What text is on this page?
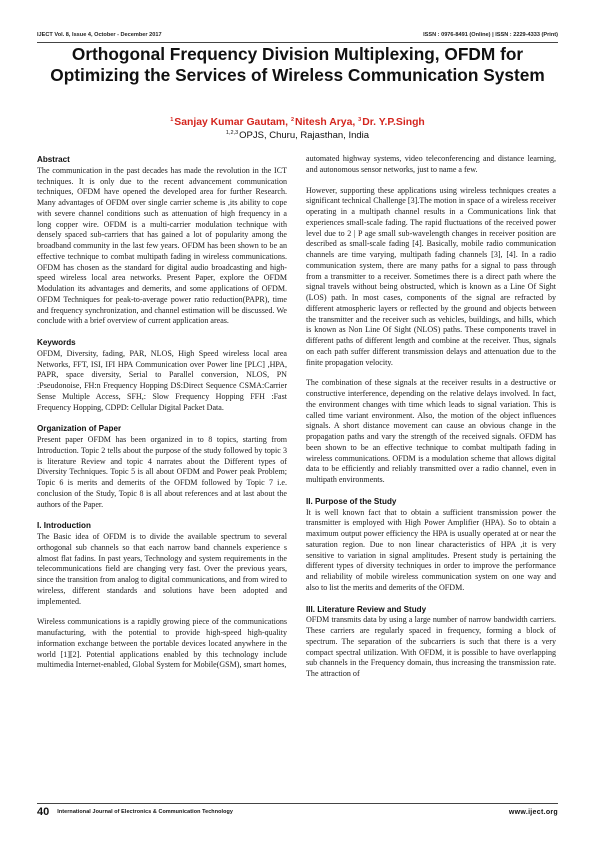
IJECT Vol. 8, Issue 4, October - December 2017	ISSN : 0976-8491 (Online) | ISSN : 2229-4333 (Print)
Orthogonal Frequency Division Multiplexing, OFDM for Optimizing the Services of Wireless Communication System
$^1$Sanjay Kumar Gautam, $^2$Nitesh Arya, $^3$Dr. Y.P.Singh
$^{1,2,3}$OPJS, Churu, Rajasthan, India
Abstract

The communication in the past decades has made the revolution in the ICT techniques. It is only due to the recent advancement communication techniques, OFDM have opened the developed area for further Research. Many advantages of OFDM over single carrier scheme is ,its ability to cope with severe channel conditions such as attenuation of high frequency in a long copper wire. OFDM is a multi-carrier modulation technique with densely spaced sub-carriers that has gained a lot of popularity among the broadband community in the last few years. OFDM has been shown to be an effective technique to combat multipath fading in wireless communications. OFDM has chosen as the standard for digital audio broadcasting and high-speed wireless local area networks. Present Paper, explore the OFDM Modulation its advantages and demerits, and some applications of OFDM. OFDM Techniques for peak-to-average power ratio reduction(PAPR), time and frequency synchronization, and channel estimation will be discussed. We conclude with a brief overview of current application areas.

Keywords

OFDM, Diversity, fading, PAR, NLOS, High Speed wireless local area Networks, FFT, ISI, IFI HPA Communication over Power line [PLC] ,HPA, PAPR, space diversity, Serial to Parallel conversion, NLOS, PN :Pseudonoise, FH:n Frequency Hopping DS:Direct Sequence CSMA:Carrier Sense Multiple Access, SFH,: Slow Frequency Hopping FFH :Fast Frequency Hopping, CDPD: Cellular Digital Packet Data.

Organization of Paper

Present paper OFDM has been organized in to 8 topics, starting from Introduction. Topic 2 tells about the purpose of the study followed by topic 3 is literature Review and topic 4 narrates about the Different types of Diversity Techniques. Topic 5 is all about OFDM and Power peak Problem; Topic 6 is merits and demerits of the OFDM followed by Topic 7 i.e. conclusion of the Study, Topic 8 is all about references and at last about the authors of the Paper.

I. Introduction

The Basic idea of OFDM is to divide the available spectrum to several orthogonal sub channels so that each narrow band channels experience s almost flat fadins. In past years, Technology and system requirements in the telecommunications field are changing very fast. Over the previous years, since the transition from analog to digital communications, and from wired to wireless, different standards and solutions have been adopted and implemented.

Wireless communications is a rapidly growing piece of the communications manufacturing, with the potential to provide high-speed high-quality information exchange between the portable devices located anywhere in the world [1][2]. Potential applications enabled by this technology include multimedia Internet-enabled, Global System for Mobile(GSM), smart homes,

automated highway systems, video teleconferencing and distance learning, and autonomous sensor networks, just to name a few.

However, supporting these applications using wireless techniques creates a significant technical Challenge [3].The motion in space of a wireless receiver operating in a multipath channel results in a Communications link that experiences small-scale fading. The rapid fluctuations of the received power level due to 2 | P age small sub-wavelength changes in receiver position are described as small-scale fading [4]. Basically, mobile radio communication channels are time varying, multipath fading channels [3], [4]. In a radio communication system, there are many paths for a signal to pass through from a transmitter to a receiver. Sometimes there is a direct path where the signal travels without being obstructed, which is known as a Line Of Sight (LOS) path. In most cases, components of the signal are refracted by different atmospheric layers or reflected by the ground and objects between the transmitter and the receiver such as vehicles, buildings, and hills, which is known as Non Line Of Sight (NLOS) paths. These components travel in different paths of different length and combine at the receiver. Thus, signals on each path suffer different transmission delays and attenuation due to the finite propagation velocity.

The combination of these signals at the receiver results in a destructive or constructive interference, depending on the relative delays involved. In fact, the environment changes with time which leads to signal variation. This is called time variant environment. Also, the motion of the object influences signals. A short distance movement can cause an obvious change in the propagation paths and vary the strength of the received signals. OFDM has been shown to be an effective technique to combat multipath fading in wireless communications. OFDM is a modulation scheme that allows digital data to be efficiently and reliably transmitted over a radio channel, even in multipath environments.

II. Purpose of the Study

It is well known fact that to obtain a sufficient transmission power the transmitter is employed with High Power Amplifier (HPA). So to obtain a maximum output power efficiency the HPA is usually operated at or near the saturation region. Due to non linear characteristics of HPA ,it is very sensitive to variation in signal amplitudes. Present study is pertaining the different types of diversity techniques in order to improve the performance and reliability of mobile wireless communication system on one way and also to list the merits and demerits of the OFDM.

III. Literature Review and Study

OFDM transmits data by using a large number of narrow bandwidth carriers. These carriers are regularly spaced in frequency, forming a block of spectrum. The separation of the subcarriers is such that there is a very compact spectral utilization. With OFDM, it is possible to have overlapping sub channels in the Frequency domain, thus increasing the transmission rate. The attraction of

40 International Journal of Electronics & Communication Technology	www.iject.org
